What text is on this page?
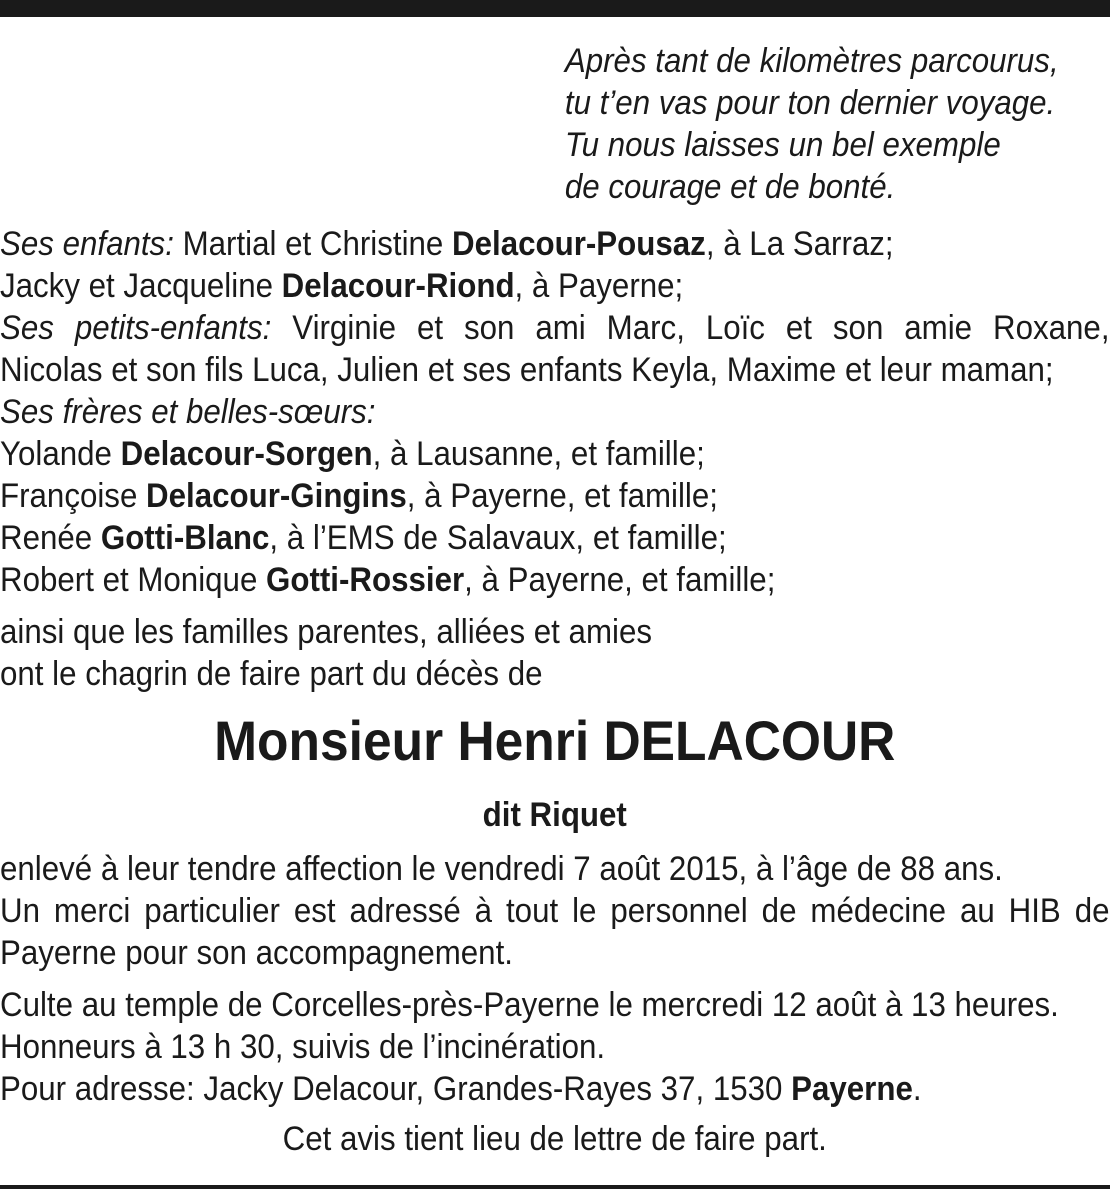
Après tant de kilomètres parcourus,
tu t’en vas pour ton dernier voyage.
Tu nous laisses un bel exemple
de courage et de bonté.
Ses enfants: Martial et Christine Delacour-Pousaz, à La Sarraz;
Jacky et Jacqueline Delacour-Riond, à Payerne;
Ses petits-enfants: Virginie et son ami Marc, Loïc et son amie Roxane,
Nicolas et son fils Luca, Julien et ses enfants Keyla, Maxime et leur maman;
Ses frères et belles-sœurs:
Yolande Delacour-Sorgen, à Lausanne, et famille;
Françoise Delacour-Gingins, à Payerne, et famille;
Renée Gotti-Blanc, à l’EMS de Salavaux, et famille;
Robert et Monique Gotti-Rossier, à Payerne, et famille;
ainsi que les familles parentes, alliées et amies
ont le chagrin de faire part du décès de
Monsieur Henri DELACOUR
dit Riquet
enlevé à leur tendre affection le vendredi 7 août 2015, à l’âge de 88 ans.
Un merci particulier est adressé à tout le personnel de médecine au HIB de
Payerne pour son accompagnement.
Culte au temple de Corcelles-près-Payerne le mercredi 12 août à 13 heures.
Honneurs à 13 h 30, suivis de l’incinération.
Pour adresse: Jacky Delacour, Grandes-Rayes 37, 1530 Payerne.
Cet avis tient lieu de lettre de faire part.
